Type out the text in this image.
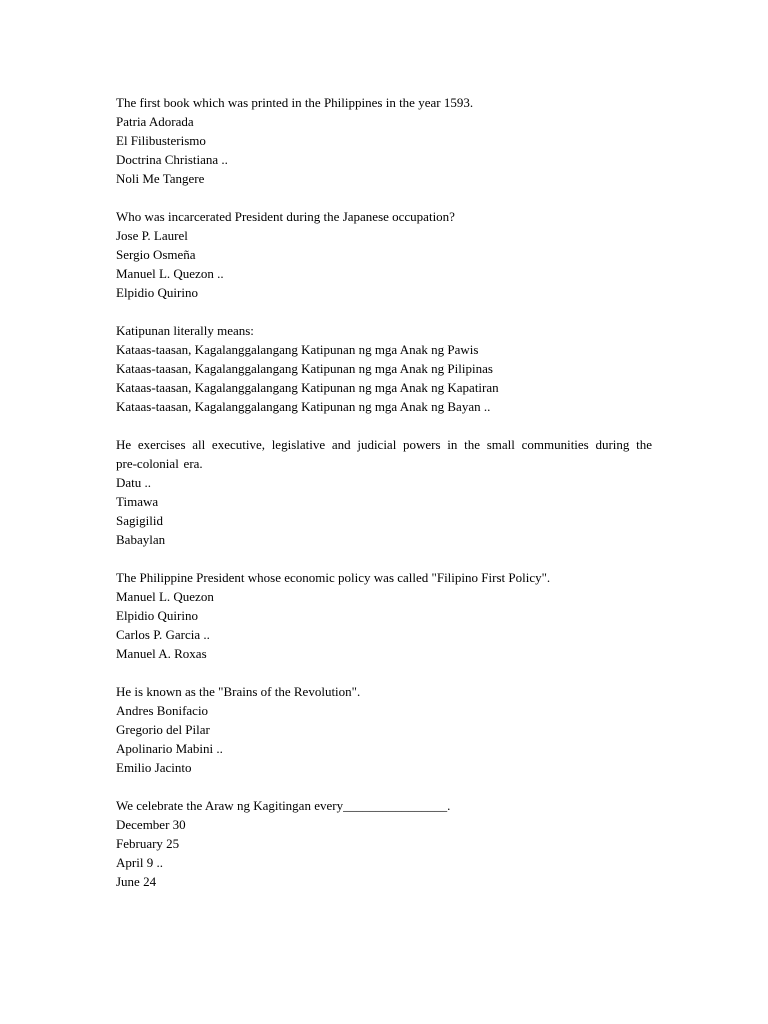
The first book which was printed in the Philippines in the year 1593.

Patria Adorada

El Filibusterismo

Doctrina Christiana ..

Noli Me Tangere

Who was incarcerated President during the Japanese occupation?

Jose P. Laurel

Sergio Osmeña

Manuel L. Quezon ..

Elpidio Quirino

Katipunan literally means:

Kataas-taasan, Kagalanggalangang Katipunan ng mga Anak ng Pawis

Kataas-taasan, Kagalanggalangang Katipunan ng mga Anak ng Pilipinas

Kataas-taasan, Kagalanggalangang Katipunan ng mga Anak ng Kapatiran

Kataas-taasan, Kagalanggalangang Katipunan ng mga Anak ng Bayan ..

He exercises all executive, legislative and judicial powers in the small communities during the pre-colonial era.

Datu ..

Timawa

Sagigilid

Babaylan

The Philippine President whose economic policy was called "Filipino First Policy".

Manuel L. Quezon

Elpidio Quirino

Carlos P. Garcia ..

Manuel A. Roxas

He is known as the "Brains of the Revolution".

Andres Bonifacio

Gregorio del Pilar

Apolinario Mabini ..

Emilio Jacinto

We celebrate the Araw ng Kagitingan every________________.

December 30

February 25

April 9 ..

June 24
